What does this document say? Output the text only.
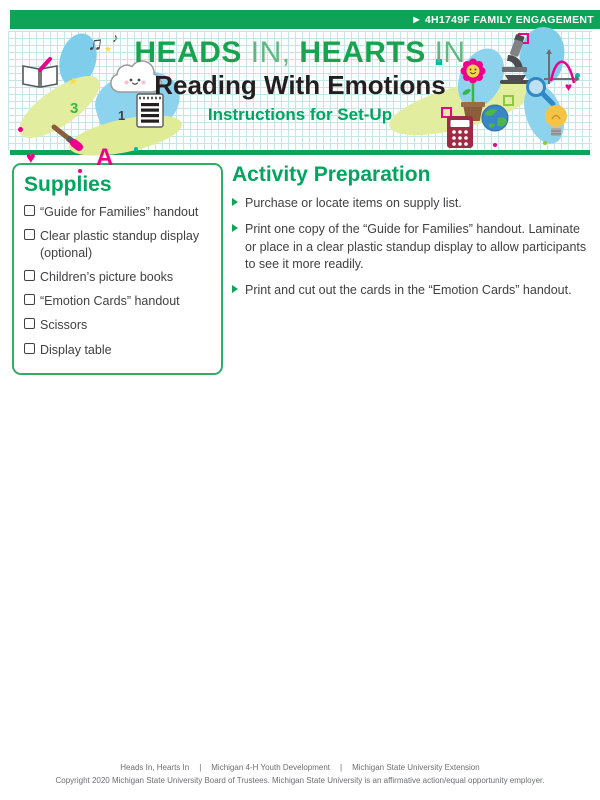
▶ 4H1749F FAMILY ENGAGEMENT
★
★
♫ ♪
3	1
A
♥
♥
HEADS IN, HEARTS IN
Reading With Emotions
Instructions for Set-Up
Supplies
“Guide for Families” handout
Clear plastic standup display (optional)
Children’s picture books
“Emotion Cards” handout
Scissors
Display table
Activity Preparation
Purchase or locate items on supply list.
Print one copy of the “Guide for Families” handout. Laminate or place in a clear plastic standup display to allow participants to see it more readily.
Print and cut out the cards in the “Emotion Cards” handout.
Heads In, Hearts In | Michigan 4-H Youth Development | Michigan State University Extension
Copyright 2020 Michigan State University Board of Trustees. Michigan State University is an affirmative action/equal opportunity employer.
